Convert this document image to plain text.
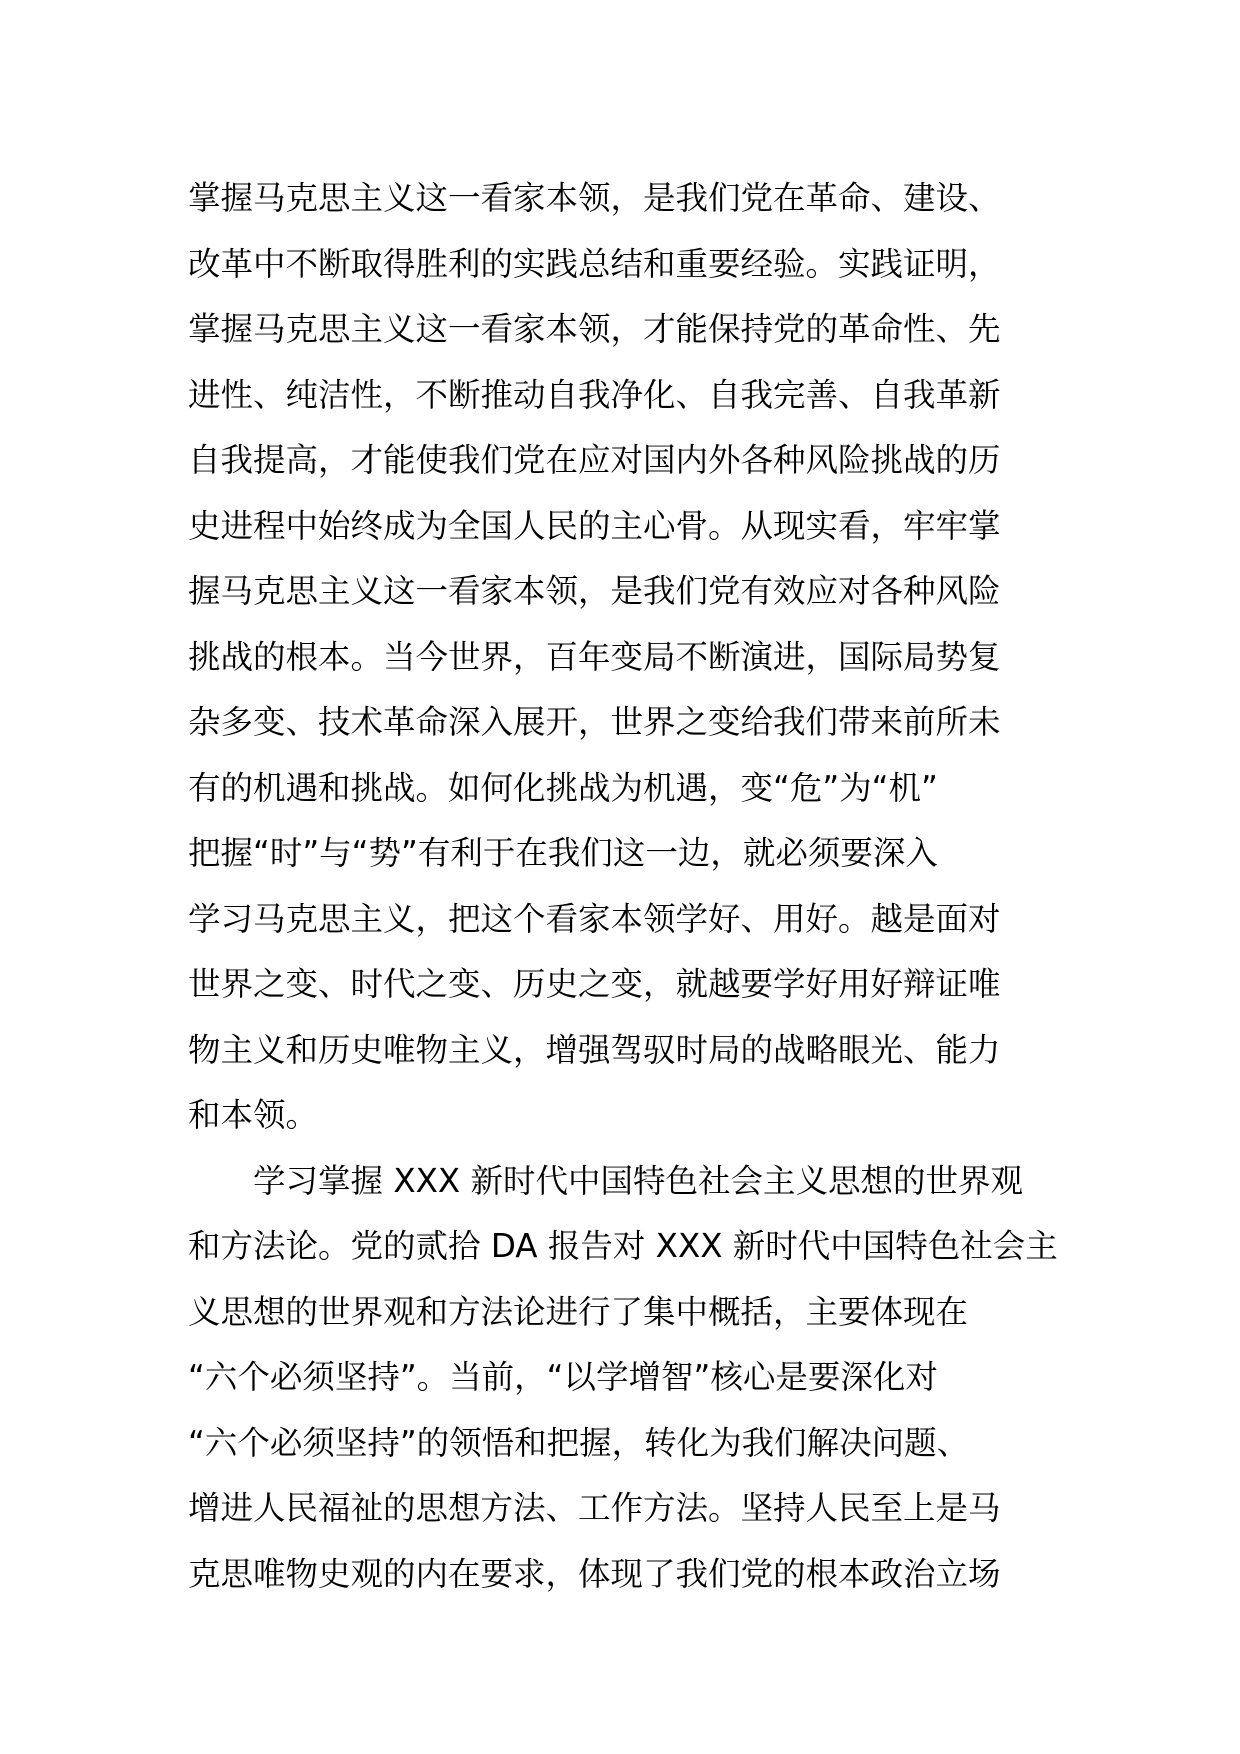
掌握马克思主义这一看家本领，是我们党在革命、建设、
改革中不断取得胜利的实践总结和重要经验。实践证明，
掌握马克思主义这一看家本领，才能保持党的革命性、先
进性、纯洁性，不断推动自我净化、自我完善、自我革新
自我提高，才能使我们党在应对国内外各种风险挑战的历
史进程中始终成为全国人民的主心骨。从现实看，牢牢掌
握马克思主义这一看家本领，是我们党有效应对各种风险
挑战的根本。当今世界，百年变局不断演进，国际局势复
杂多变、技术革命深入展开，世界之变给我们带来前所未
有的机遇和挑战。如何化挑战为机遇，变“危”为“机”
把握“时”与“势”有利于在我们这一边，就必须要深入
学习马克思主义，把这个看家本领学好、用好。越是面对
世界之变、时代之变、历史之变，就越要学好用好辩证唯
物主义和历史唯物主义，增强驾驭时局的战略眼光、能力
和本领。
　　学习掌握 XXX 新时代中国特色社会主义思想的世界观
和方法论。党的贰拾 DA 报告对 XXX 新时代中国特色社会主
义思想的世界观和方法论进行了集中概括，主要体现在
“六个必须坚持”。当前，“以学增智”核心是要深化对
“六个必须坚持”的领悟和把握，转化为我们解决问题、
增进人民福祉的思想方法、工作方法。坚持人民至上是马
克思唯物史观的内在要求，体现了我们党的根本政治立场
